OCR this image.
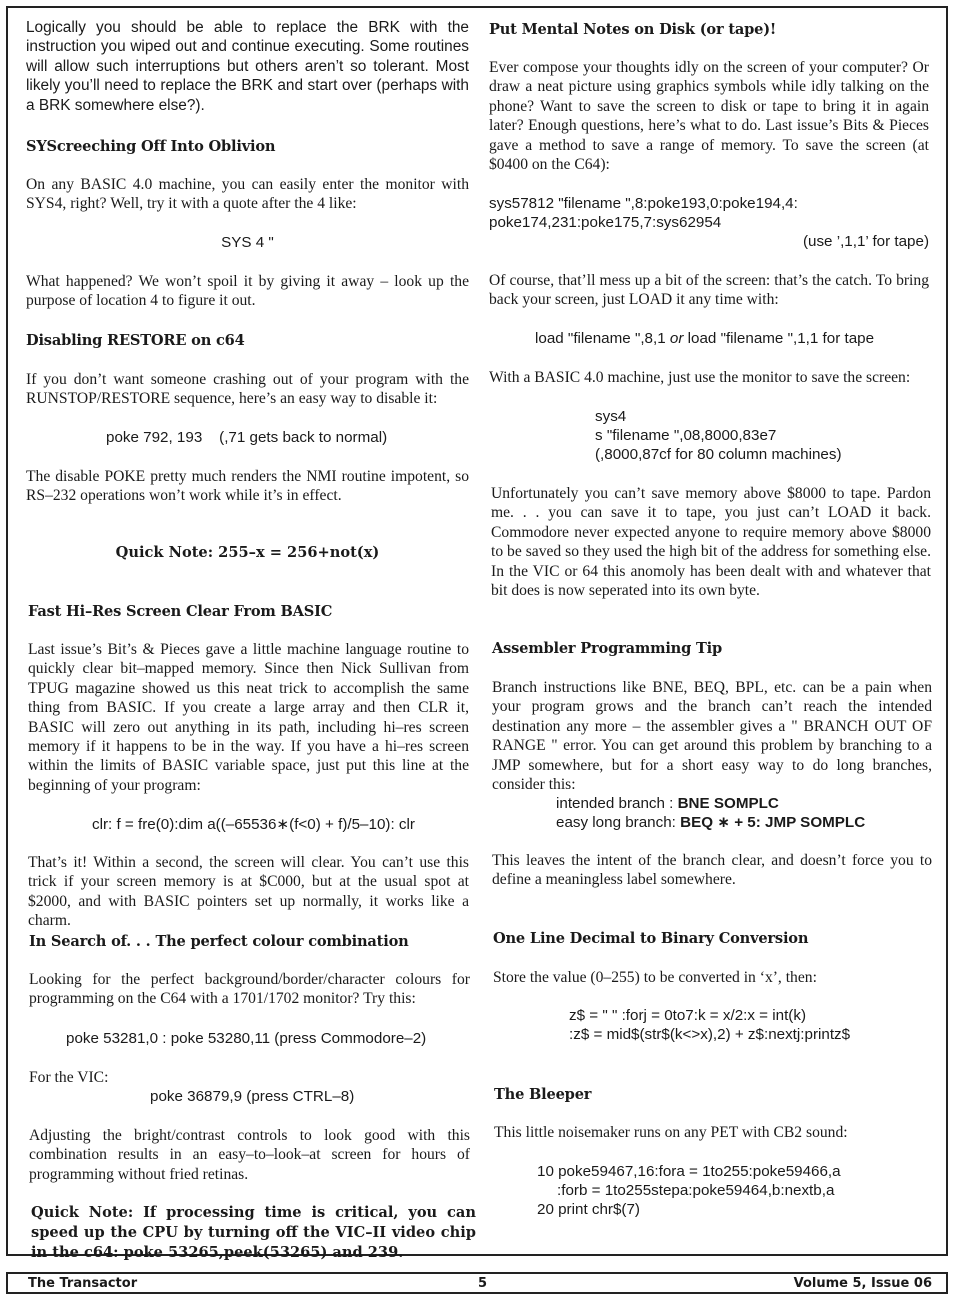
Logically you should be able to replace the BRK with the instruction you wiped out and continue executing. Some routines will allow such interruptions but others aren’t so tolerant. Most likely you’ll need to replace the BRK and start over (perhaps with a BRK somewhere else?).

SYScreeching Off Into Oblivion

On any BASIC 4.0 machine, you can easily enter the monitor with SYS4, right? Well, try it with a quote after the 4 like:

SYS 4 "

What happened? We won’t spoil it by giving it away – look up the purpose of location 4 to figure it out.

Disabling RESTORE on c64

If you don’t want someone crashing out of your program with the RUNSTOP/RESTORE sequence, here’s an easy way to disable it:

poke 792, 193    (,71 gets back to normal)

The disable POKE pretty much renders the NMI routine impotent, so RS–232 operations won’t work while it’s in effect.

Quick Note: 255–x = 256+not(x)

Fast Hi–Res Screen Clear From BASIC

Last issue’s Bit’s & Pieces gave a little machine language routine to quickly clear bit–mapped memory. Since then Nick Sullivan from TPUG magazine showed us this neat trick to accomplish the same thing from BASIC. If you create a large array and then CLR it, BASIC will zero out anything in its path, including hi–res screen memory if it happens to be in the way. If you have a hi–res screen within the limits of BASIC variable space, just put this line at the beginning of your program:

clr: f = fre(0):dim a((–65536∗(f<0) + f)/5–10): clr

That’s it! Within a second, the screen will clear. You can’t use this trick if your screen memory is at $C000, but at the usual spot at $2000, and with BASIC pointers set up normally, it works like a charm.

In Search of. . . The perfect colour combination

Looking for the perfect background/border/character colours for programming on the C64 with a 1701/1702 monitor? Try this:

poke 53281,0 : poke 53280,11 (press Commodore–2)

For the VIC:

poke 36879,9 (press CTRL–8)

Adjusting the bright/contrast controls to look good with this combination results in an easy–to–look–at screen for hours of programming without fried retinas.

Quick Note: If processing time is critical, you can speed up the CPU by turning off the VIC–II video chip in the c64: poke 53265,peek(53265) and 239.

Put Mental Notes on Disk (or tape)!

Ever compose your thoughts idly on the screen of your computer? Or draw a neat picture using graphics symbols while idly talking on the phone? Want to save the screen to disk or tape to bring it in again later? Enough questions, here’s what to do. Last issue’s Bits & Pieces gave a method to save a range of memory. To save the screen (at $0400 on the C64):

sys57812 "filename ",8:poke193,0:poke194,4:

poke174,231:poke175,7:sys62954

(use ’,1,1’ for tape)

Of course, that’ll mess up a bit of the screen: that’s the catch. To bring back your screen, just LOAD it any time with:

load "filename ",8,1 or load "filename ",1,1 for tape

With a BASIC 4.0 machine, just use the monitor to save the screen:

sys4

s "filename ",08,8000,83e7

(,8000,87cf for 80 column machines)

Unfortunately you can’t save memory above $8000 to tape. Pardon me. . . you can save it to tape, you just can’t LOAD it back. Commodore never expected anyone to require memory above $8000 to be saved so they used the high bit of the address for something else. In the VIC or 64 this anomoly has been dealt with and whatever that bit does is now seperated into its own byte.

Assembler Programming Tip

Branch instructions like BNE, BEQ, BPL, etc. can be a pain when your program grows and the branch can’t reach the intended destination any more – the assembler gives a " BRANCH OUT OF RANGE " error. You can get around this problem by branching to a JMP somewhere, but for a short easy way to do long branches, consider this:

intended branch : BNE SOMPLC

easy long branch: BEQ ∗ + 5: JMP SOMPLC

This leaves the intent of the branch clear, and doesn’t force you to define a meaningless label somewhere.

One Line Decimal to Binary Conversion

Store the value (0–255) to be converted in ‘x’, then:

z$ = " " :forj = 0to7:k = x/2:x = int(k)

:z$ = mid$(str$(k<>x),2) + z$:nextj:printz$

The Bleeper

This little noisemaker runs on any PET with CB2 sound:

10 poke59467,16:fora = 1to255:poke59466,a

:forb = 1to255stepa:poke59464,b:nextb,a

20 print chr$(7)

The Transactor	5	Volume 5, Issue 06
